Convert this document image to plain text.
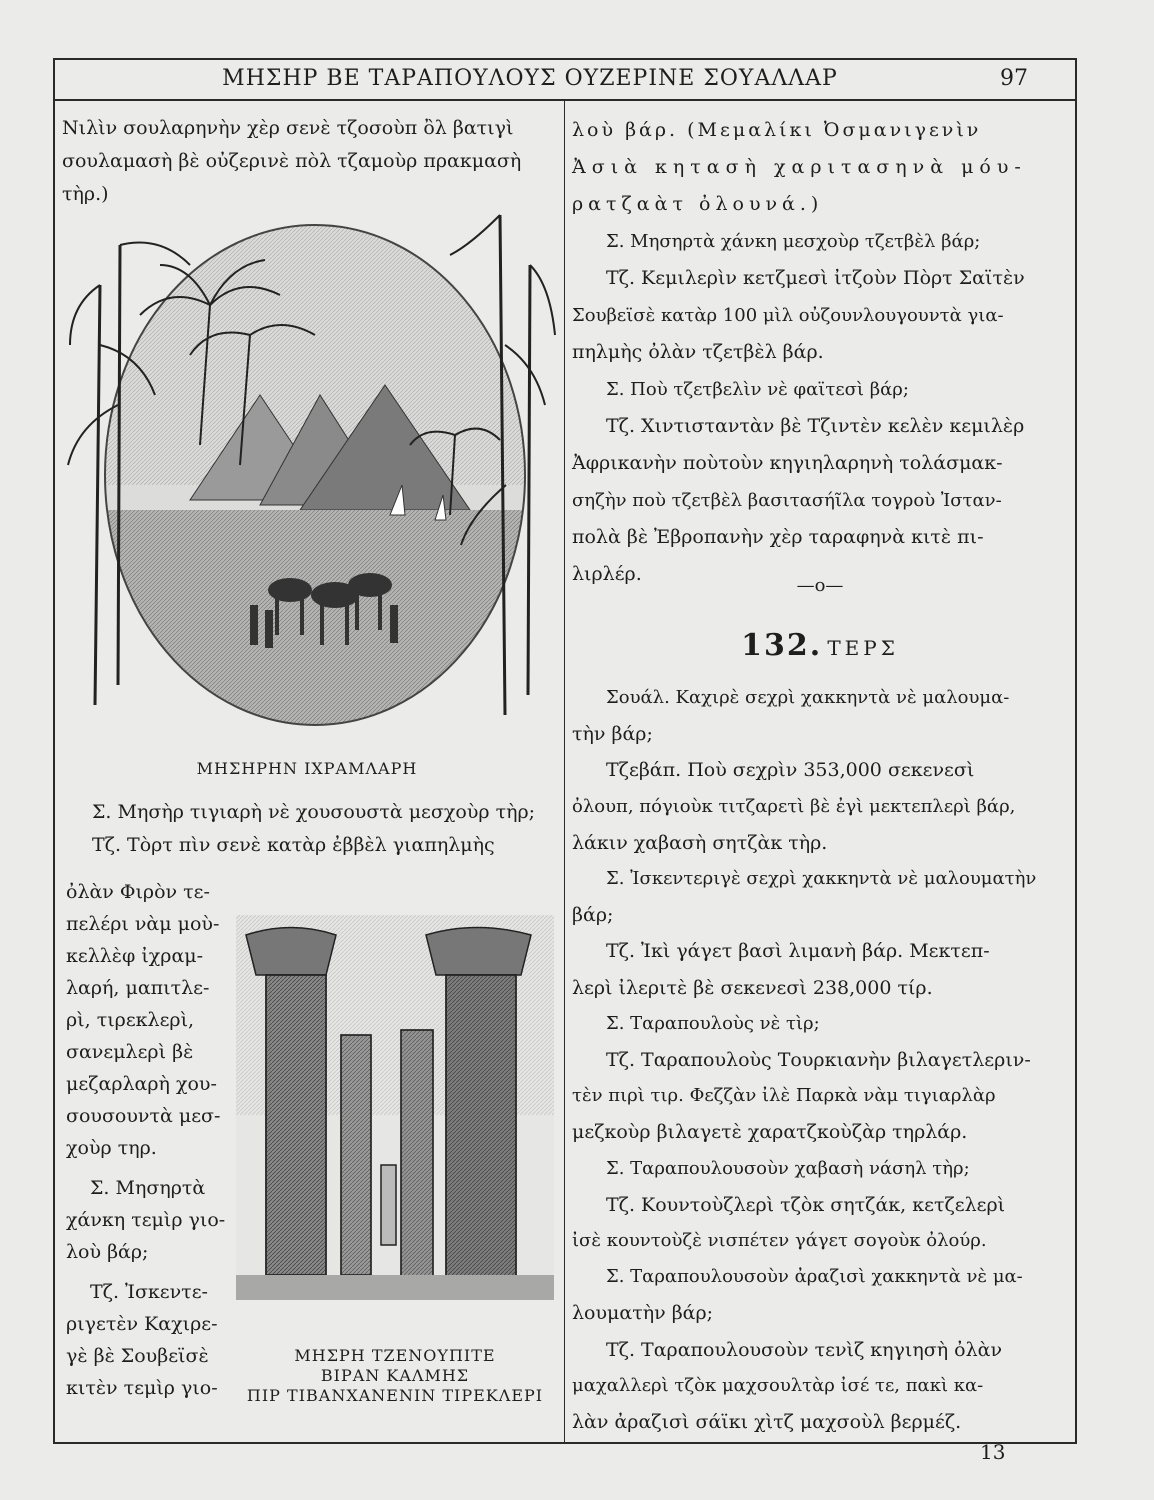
ΜΗΣΗΡ ΒΕ ΤΑΡΑΠΟΥΛΟΥΣ ΟΥΖΕΡΙΝΕ ΣΟΥΑΛΛΑΡ	97

Νιλὶν σουλαρηνὴν χὲρ σενὲ τζοσοὺπ ὂλ βατιγὶ

σουλαμασὴ βὲ οὐζερινὲ πὸλ τζαμοὺρ πρακμασὴ τὴρ.)

ΜΗΣΗΡΗΝ ΙΧΡΑΜΛΑΡΗ

Σ. Μησὴρ τιγιαρὴ νὲ χουσουστὰ μεσχοὺρ τὴρ;

Τζ. Τὸρτ πὶν σενὲ κατὰρ ἐββὲλ γιαπηλμὴς

ὀλὰν Φιρὸν τε-

πελέρι νὰμ μοὺ-

κελλὲφ ἰχραμ-

λαρή, μαπιτλε-

ρὶ, τιρεκλερὶ,

σανεμλερὶ βὲ

μεζαρλαρὴ χου-

σουσουντὰ μεσ-

χοὺρ τηρ.

Σ. Μησηρτὰ

χάνκη τεμὶρ γιο-

λοὺ βάρ;

Τζ. Ἰσκεντε-

ριγετὲν Καχιρε-

γὲ βὲ Σουβεϊσὲ

κιτὲν τεμὶρ γιο-

ΜΗΣΡΗ ΤΖΕΝΟΥΠΙΤΕ
ΒΙΡΑΝ ΚΑΛΜΗΣ
ΠΙΡ ΤΙΒΑΝΧΑΝΕΝΙΝ ΤΙΡΕΚΛΕΡΙ

λοὺ βάρ. (Μεμαλίκι Ὀσμανιγενὶν

Ἀσιὰ κητασὴ χαριτασηνὰ μόυ-

ρατζαὰτ ὀλουνά.)

Σ. Μησηρτὰ χάνκη μεσχοὺρ τζετβὲλ βάρ;

Τζ. Κεμιλερὶν κετζμεσὶ ἰτζοὺν Πὸρτ Σαϊτὲν

Σουβεϊσὲ κατὰρ 100 μὶλ οὐζουνλουγουντὰ για-

πηλμὴς ὀλὰν τζετβὲλ βάρ.

Σ. Ποὺ τζετβελὶν νὲ φαϊτεσὶ βάρ;

Τζ. Χιντισταντὰν βὲ Τζιντὲν κελὲν κεμιλὲρ

Ἀφρικανὴν ποὺτοὺν κηγιηλαρηνὴ τολάσμακ-

σηζὴν ποὺ τζετβὲλ βασιτασήῖλα τογροὺ Ἰσταν-

πολὰ βὲ Ἐβροπανὴν χὲρ ταραφηνὰ κιτὲ πι-

λιρλέρ.

—o—
132. ΤΕΡΣ

Σουάλ. Καχιρὲ σεχρὶ χακκηντὰ νὲ μαλουμα-

τὴν βάρ;

Τζεβάπ. Ποὺ σεχρὶν 353,000 σεκενεσὶ

ὀλουπ, πόγιοὺκ τιτζαρετὶ βὲ ἐγὶ μεκτεπλερὶ βάρ,

λάκιν χαβασὴ σητζὰκ τὴρ.

Σ. Ἰσκεντεριγὲ σεχρὶ χακκηντὰ νὲ μαλουματὴν

βάρ;

Τζ. Ἰκὶ γάγετ βασὶ λιμανὴ βάρ. Μεκτεπ-

λερὶ ἰλεριτὲ βὲ σεκενεσὶ 238,000 τίρ.

Σ. Ταραπουλοὺς νὲ τὶρ;

Τζ. Ταραπουλοὺς Τουρκιανὴν βιλαγετλεριν-

τὲν πιρὶ τιρ. Φεζζὰν ἰλὲ Παρκὰ νὰμ τιγιαρλὰρ

μεζκοὺρ βιλαγετὲ χαρατζκοὺζὰρ τηρλάρ.

Σ. Ταραπουλουσοὺν χαβασὴ νάσηλ τὴρ;

Τζ. Κουντοὺζλερὶ τζὸκ σητζάκ, κετζελερὶ

ἰσὲ κουντοὺζὲ νισπέτεν γάγετ σογοὺκ ὀλούρ.

Σ. Ταραπουλουσοὺν ἀραζισὶ χακκηντὰ νὲ μα-

λουματὴν βάρ;

Τζ. Ταραπουλουσοὺν τενὶζ κηγιησὴ ὀλὰν

μαχαλλερὶ τζὸκ μαχσουλτὰρ ἰσέ τε, πακὶ κα-

λὰν ἀραζισὶ σάϊκι χὶτζ μαχσοὺλ βερμέζ.

13
